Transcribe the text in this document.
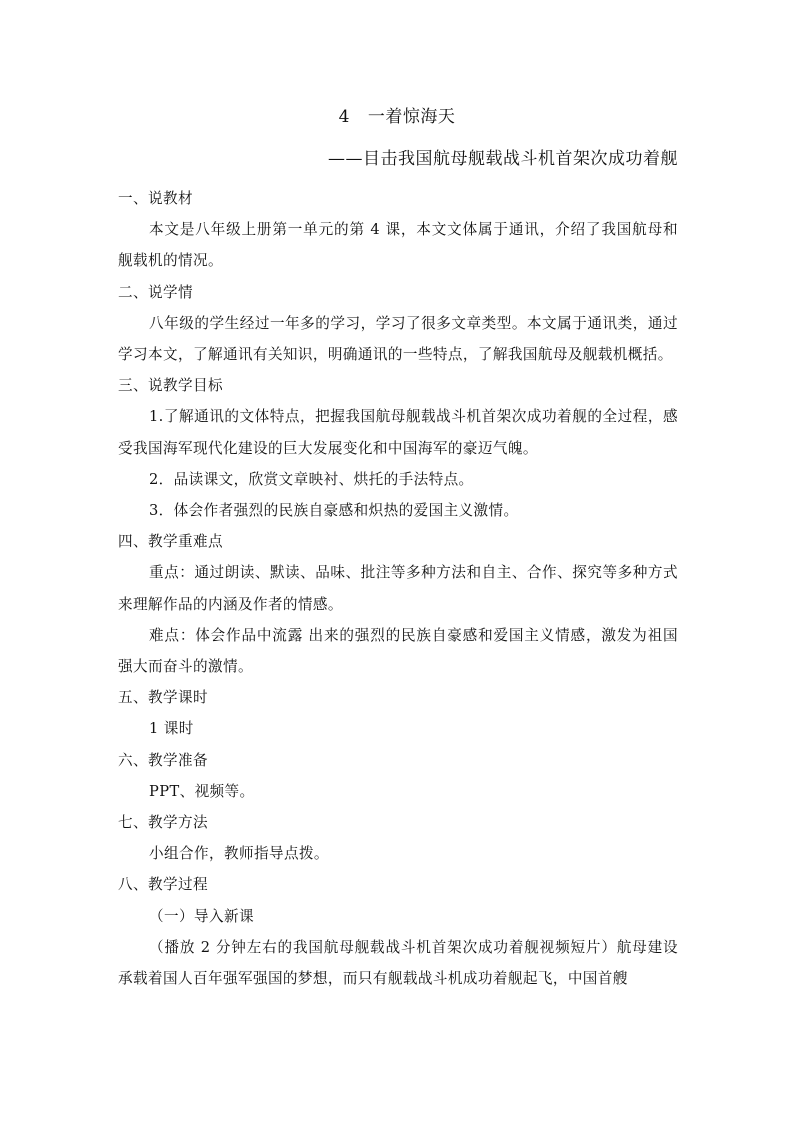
4 一着惊海天
——目击我国航母舰载战斗机首架次成功着舰

一、说教材

本文是八年级上册第一单元的第 4 课，本文文体属于通讯，介绍了我国航母和舰载机的情况。

二、说学情

八年级的学生经过一年多的学习，学习了很多文章类型。本文属于通讯类，通过学习本文，了解通讯有关知识，明确通讯的一些特点，了解我国航母及舰载机概括。

三、说教学目标

1.了解通讯的文体特点，把握我国航母舰载战斗机首架次成功着舰的全过程，感受我国海军现代化建设的巨大发展变化和中国海军的豪迈气魄。

2．品读课文，欣赏文章映衬、烘托的手法特点。

3．体会作者强烈的民族自豪感和炽热的爱国主义激情。

四、教学重难点

重点：通过朗读、默读、品味、批注等多种方法和自主、合作、探究等多种方式来理解作品的内涵及作者的情感。

难点：体会作品中流露 出来的强烈的民族自豪感和爱国主义情感，激发为祖国强大而奋斗的激情。

五、教学课时

1 课时

六、教学准备

PPT、视频等。

七、教学方法

小组合作，教师指导点拨。

八、教学过程

（一）导入新课

（播放 2 分钟左右的我国航母舰载战斗机首架次成功着舰视频短片）航母建设承载着国人百年强军强国的梦想，而只有舰载战斗机成功着舰起飞，中国首艘
